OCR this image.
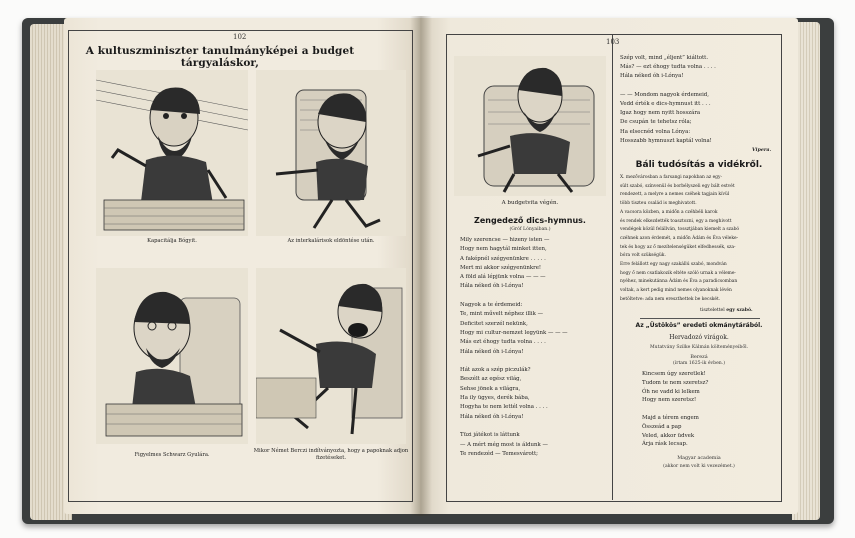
102
A kultuszminiszter tanulmányképei a budget tárgyaláskor,
Kapacitálja Bógyit.	Az interkalárisok eldöntése után.
Figyelmes Schwarz Gyulára.
Mikor Német Berczi indítványozta, hogy a papoknak adjon fizetéseket.
103
A budgetvita végén.
Zengedező dics-hymnus.
(Gróf Lónyaiban.)
Mily szerencse — hizeny isten —
Hogy nem hagytál minket itten,
A faképnél szégyenünkre . . . . .
Mert mi akkor szégyenünkre!
A föld alá lépjünk volna — — —
Hála néked óh i-Lónya!

Nagyok a te érdemeid:
Te, mint művelt néphez illik —
Deficitet szerzél nekünk,
Hogy mi cultur-nemzet legyünk — — —
Más ezt éhogy tudta volna . . . .
Hála néked óh i-Lónya!

Hát azok a szép piczulák?
Beszélt az egész világ,
Sehse jönek a világra,
Ha ily ügyes, derék bába,
Hogyha te nem lettél volna . . . .
Hála néked óh i-Lónya!

Tüzi játékot is láttunk
— A mért még most is áldunk —
Te rendezéd — Temesvárott;
Szép volt, mind „éljent” kiáltott.
Más? — ezt éhogy tudta volna . . . .
Hála néked óh i-Lónya!

— — Mondom nagyok érdemeid,
Vedd érték e dics-hymnust itt . . .
Igaz hogy nem nyitt hosszára
De csupán te tehetsz róla;
Ha elsecnéd volna Lónya:
Hosszabb hymnuszt kaptál volna!
Vipera.
Báli tudósítás a vidékről.
X. mezővárosban a farsangi napokban az egy-
sült szabó, színvenül és borbélyszeli egy bált estvét
rendezett, a melyre a nemes czéhek tagjain kívül
több tiszteu család is meghivatott.
A vacsora közben, a midőn a czéhbéli karok
és rendek elkezdették toasztozni, egy a meghivott
vendégek közül felállván, tossztjában kiemelt a szabó
czéhnek azon érdemét, a midőn Ádám és Éva véleke-
tek és hogy az ő mezítelenségüket elfedhessék, sza-
bóra volt szükségük.
Erre felállott egy nagy szakállú szabó, mondván
hogy ő nem csatlakozik eltéte szóló urnak a véleme-
nyéhez, minekutánna Ádám és Éva a paradicsomban
voltak, a kert pedig mind nemes olyanoknak lévén
betöltetve: ada nem ereszthettek be kecskét.
tisztelettel egy szabó.
Az „Üstökös” eredeti okmánytárából.
Hervadozó virágok.
Mutatvány Szilke Kálmán költeményeiből.
Berezá
(írtam 1625-ik évben.)
Kincsem úgy szeretlek!
Tudom te nem szeretsz?
Óh ne vadd ki lelkem
Hogy nem szeretsz!

Majd a térem engem
Összeád a pap
Veled, akkor üdvek
Árja rásk lecsap.
Magyar academia
(akkor nem volt ki vezezémet.)
